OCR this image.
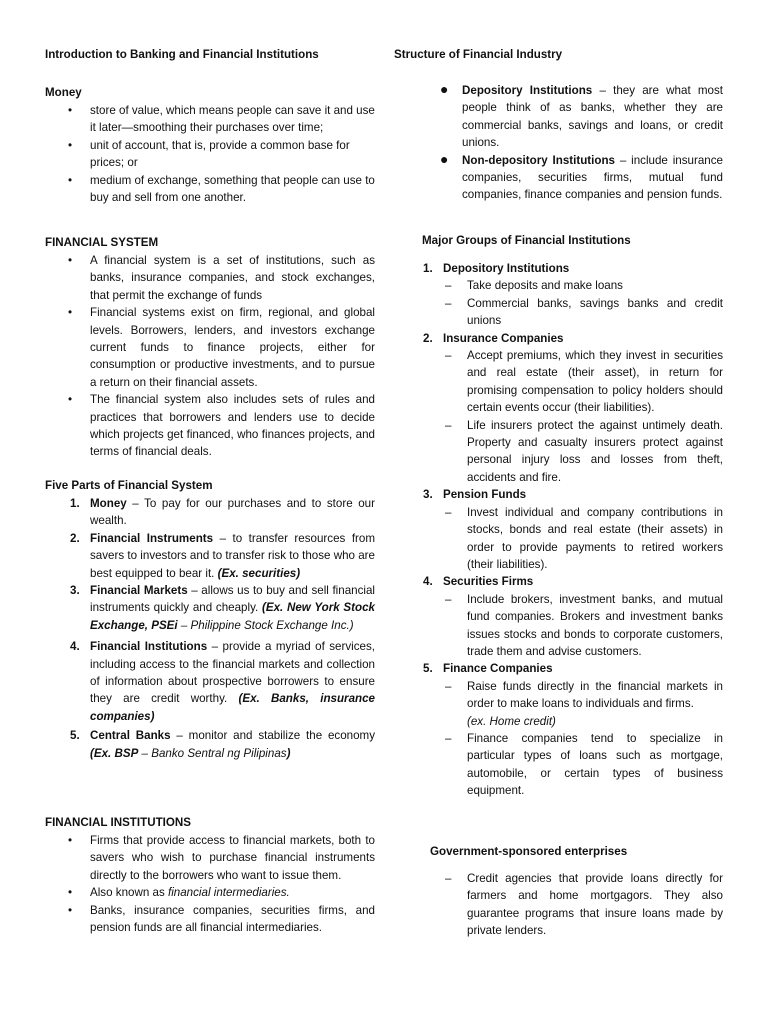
Introduction to Banking and Financial Institutions
Money
• store of value, which means people can save it and use it later—smoothing their purchases over time;
• unit of account, that is, provide a common base for prices; or
• medium of exchange, something that people can use to buy and sell from one another.
FINANCIAL SYSTEM
• A financial system is a set of institutions, such as banks, insurance companies, and stock exchanges, that permit the exchange of funds
• Financial systems exist on firm, regional, and global levels. Borrowers, lenders, and investors exchange current funds to finance projects, either for consumption or productive investments, and to pursue a return on their financial assets.
• The financial system also includes sets of rules and practices that borrowers and lenders use to decide which projects get financed, who finances projects, and terms of financial deals.
Five Parts of Financial System
1. Money – To pay for our purchases and to store our wealth.
2. Financial Instruments – to transfer resources from savers to investors and to transfer risk to those who are best equipped to bear it. (Ex. securities)
3. Financial Markets – allows us to buy and sell financial instruments quickly and cheaply. (Ex. New York Stock Exchange, PSEi – Philippine Stock Exchange Inc.)
4. Financial Institutions – provide a myriad of services, including access to the financial markets and collection of information about prospective borrowers to ensure they are credit worthy. (Ex. Banks, insurance companies)
5. Central Banks – monitor and stabilize the economy (Ex. BSP – Banko Sentral ng Pilipinas)
FINANCIAL INSTITUTIONS
• Firms that provide access to financial markets, both to savers who wish to purchase financial instruments directly to the borrowers who want to issue them.
• Also known as financial intermediaries.
• Banks, insurance companies, securities firms, and pension funds are all financial intermediaries.
Structure of Financial Industry
● Depository Institutions – they are what most people think of as banks, whether they are commercial banks, savings and loans, or credit unions.
● Non-depository Institutions – include insurance companies, securities firms, mutual fund companies, finance companies and pension funds.
Major Groups of Financial Institutions
1. Depository Institutions
– Take deposits and make loans
– Commercial banks, savings banks and credit unions
2. Insurance Companies
– Accept premiums, which they invest in securities and real estate (their asset), in return for promising compensation to policy holders should certain events occur (their liabilities).
– Life insurers protect the against untimely death. Property and casualty insurers protect against personal injury loss and losses from theft, accidents and fire.
3. Pension Funds
– Invest individual and company contributions in stocks, bonds and real estate (their assets) in order to provide payments to retired workers (their liabilities).
4. Securities Firms
– Include brokers, investment banks, and mutual fund companies. Brokers and investment banks issues stocks and bonds to corporate customers, trade them and advise customers.
5. Finance Companies
– Raise funds directly in the financial markets in order to make loans to individuals and firms.
(ex. Home credit)
– Finance companies tend to specialize in particular types of loans such as mortgage, automobile, or certain types of business equipment.
Government-sponsored enterprises
– Credit agencies that provide loans directly for farmers and home mortgagors. They also guarantee programs that insure loans made by private lenders.
